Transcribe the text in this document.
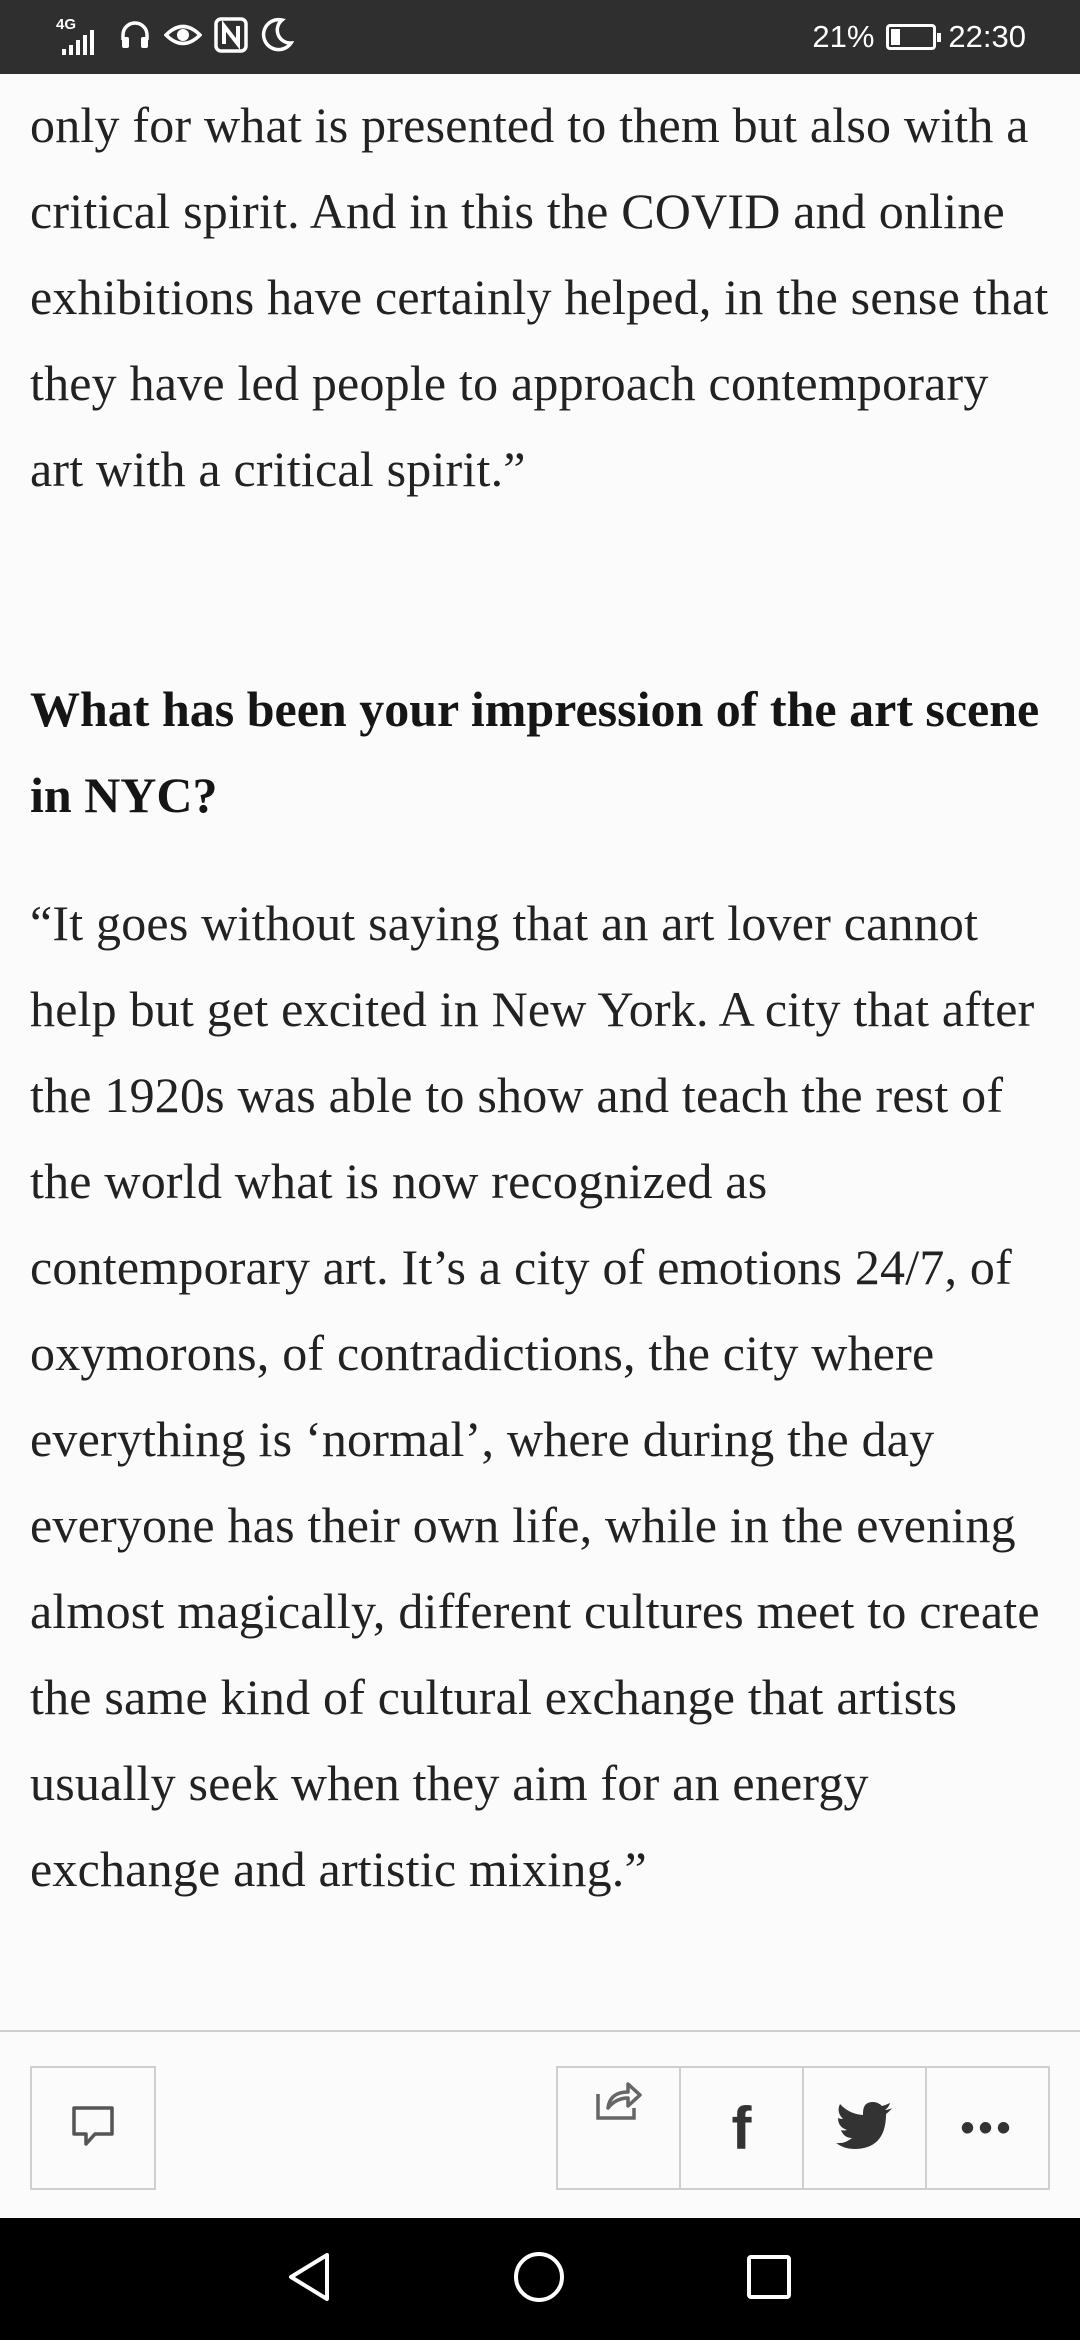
4G	21% 22:30

only for what is presented to them but also with a critical spirit. And in this the COVID and online exhibitions have certainly helped, in the sense that they have led people to approach contemporary art with a critical spirit.”

What has been your impression of the art scene in NYC?

“It goes without saying that an art lover cannot help but get excited in New York. A city that after the 1920s was able to show and teach the rest of the world what is now recognized as contemporary art. It’s a city of emotions 24/7, of oxymorons, of contradictions, the city where everything is ‘normal’, where during the day everyone has their own life, while in the evening almost magically, different cultures meet to create the same kind of cultural exchange that artists usually seek when they aim for an energy exchange and artistic mixing.”

f	•••
